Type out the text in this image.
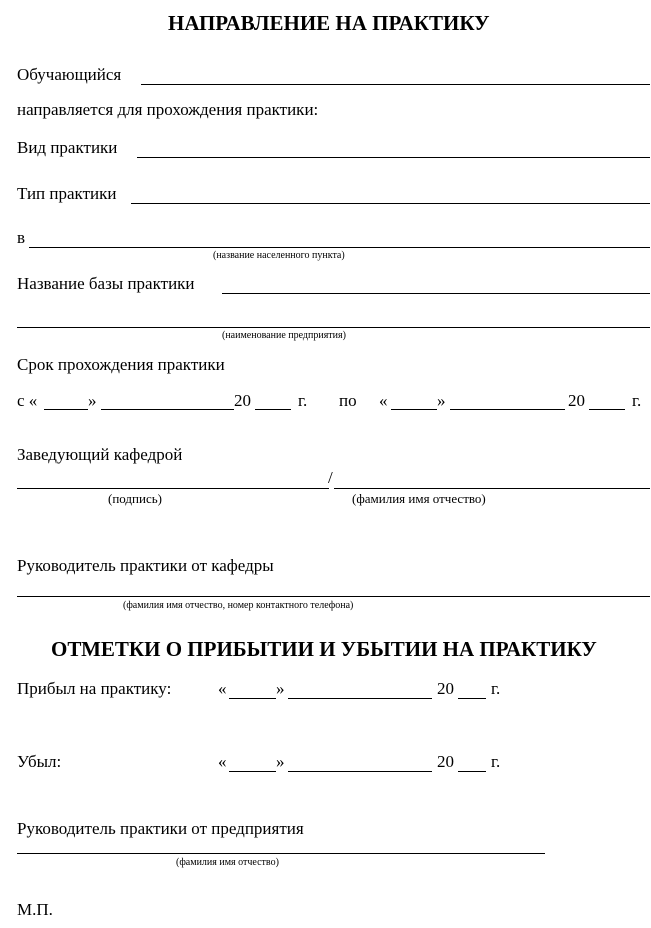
НАПРАВЛЕНИЕ НА ПРАКТИКУ
Обучающийся
направляется для прохождения практики:
Вид практики
Тип практики
в
(название населенного пункта)
Название базы практики
(наименование предприятия)
Срок прохождения практики
с «	»	20	г. по «	»	20	г.
Заведующий кафедрой
/
(подпись)	(фамилия имя отчество)
Руководитель практики от кафедры
(фамилия имя отчество, номер контактного телефона)
ОТМЕТКИ О ПРИБЫТИИ И УБЫТИИ НА ПРАКТИКУ
Прибыл на практику:	«	»	20 г.
Убыл:	«	»	20 г.
Руководитель практики от предприятия
(фамилия имя отчество)
М.П.
